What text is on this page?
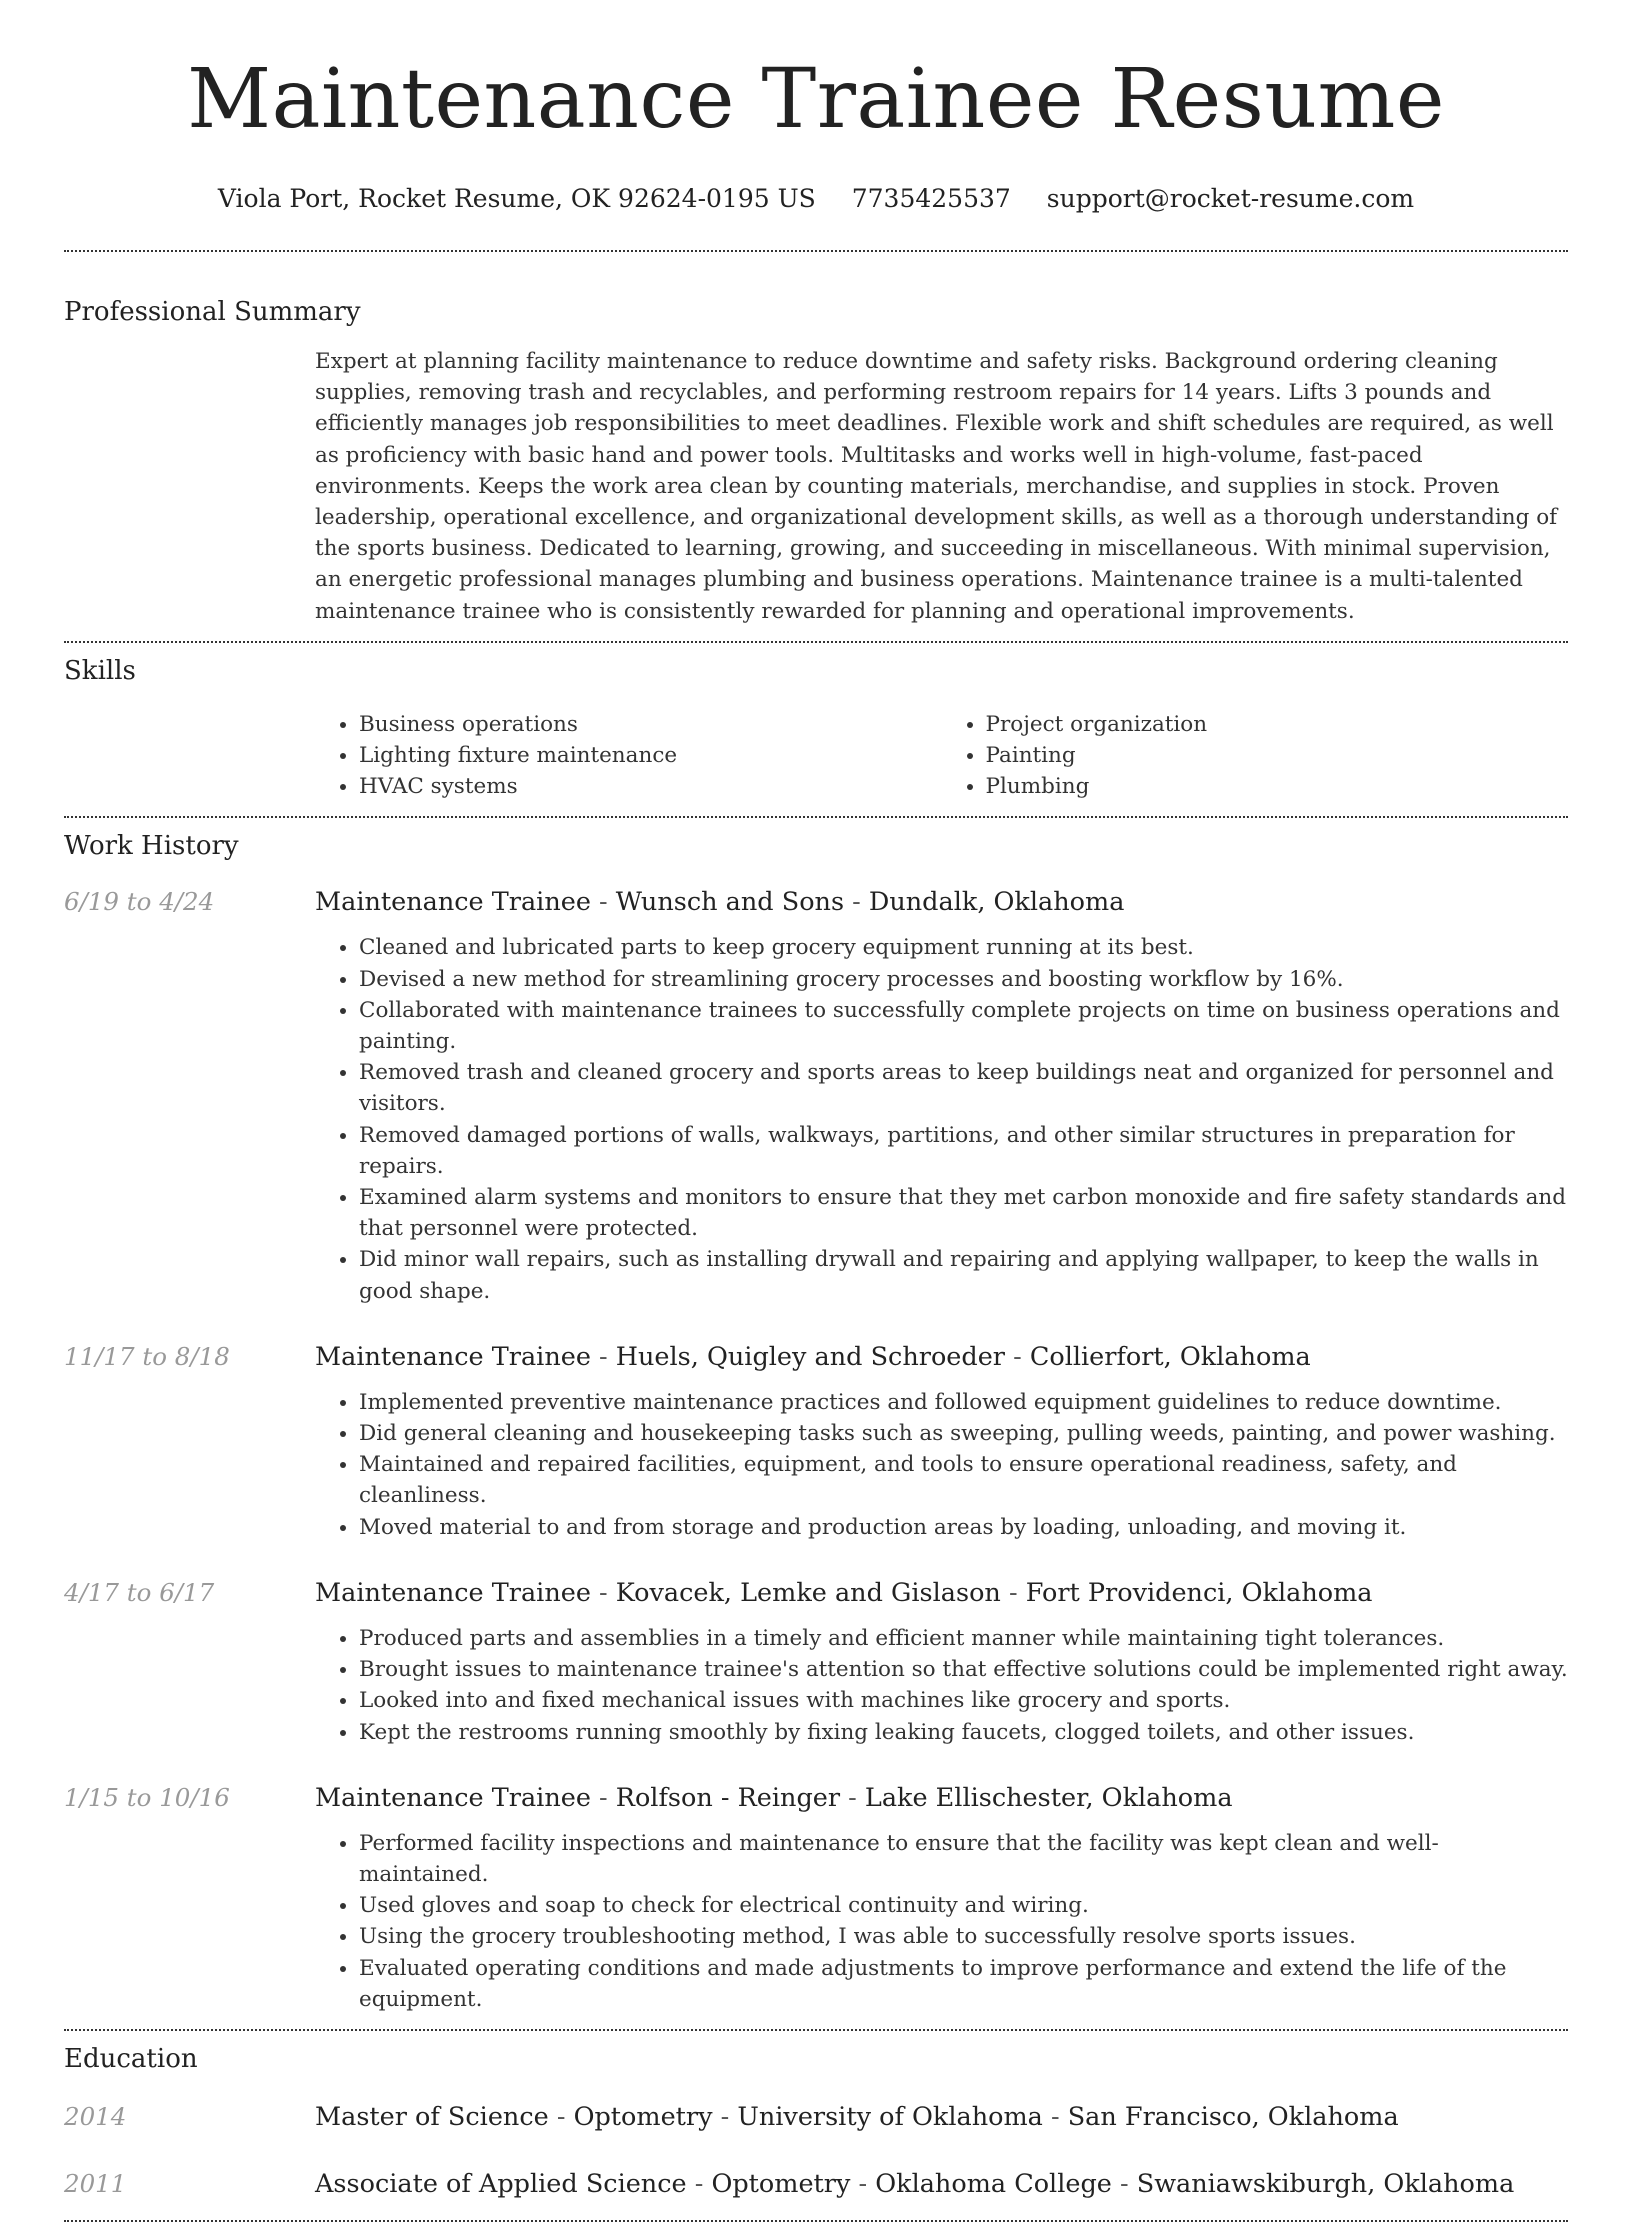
Maintenance Trainee Resume
Viola Port, Rocket Resume, OK 92624-0195 US 7735425537 support@rocket-resume.com
Professional Summary

Expert at planning facility maintenance to reduce downtime and safety risks. Background ordering cleaning supplies, removing trash and recyclables, and performing restroom repairs for 14 years. Lifts 3 pounds and efficiently manages job responsibilities to meet deadlines. Flexible work and shift schedules are required, as well as proficiency with basic hand and power tools. Multitasks and works well in high-volume, fast-paced environments. Keeps the work area clean by counting materials, merchandise, and supplies in stock. Proven leadership, operational excellence, and organizational development skills, as well as a thorough understanding of the sports business. Dedicated to learning, growing, and succeeding in miscellaneous. With minimal supervision, an energetic professional manages plumbing and business operations. Maintenance trainee is a multi-talented maintenance trainee who is consistently rewarded for planning and operational improvements.

Skills
• Business operations
• Lighting fixture maintenance
• HVAC systems
• Project organization
• Painting
• Plumbing
Work History
6/19 to 4/24	Maintenance Trainee - Wunsch and Sons - Dundalk, Oklahoma

• Cleaned and lubricated parts to keep grocery equipment running at its best.
• Devised a new method for streamlining grocery processes and boosting workflow by 16%.
• Collaborated with maintenance trainees to successfully complete projects on time on business operations and painting.
• Removed trash and cleaned grocery and sports areas to keep buildings neat and organized for personnel and visitors.
• Removed damaged portions of walls, walkways, partitions, and other similar structures in preparation for repairs.
• Examined alarm systems and monitors to ensure that they met carbon monoxide and fire safety standards and that personnel were protected.
• Did minor wall repairs, such as installing drywall and repairing and applying wallpaper, to keep the walls in good shape.
11/17 to 8/18	Maintenance Trainee - Huels, Quigley and Schroeder - Collierfort, Oklahoma

• Implemented preventive maintenance practices and followed equipment guidelines to reduce downtime.
• Did general cleaning and housekeeping tasks such as sweeping, pulling weeds, painting, and power washing.
• Maintained and repaired facilities, equipment, and tools to ensure operational readiness, safety, and cleanliness.
• Moved material to and from storage and production areas by loading, unloading, and moving it.
4/17 to 6/17	Maintenance Trainee - Kovacek, Lemke and Gislason - Fort Providenci, Oklahoma

• Produced parts and assemblies in a timely and efficient manner while maintaining tight tolerances.
• Brought issues to maintenance trainee's attention so that effective solutions could be implemented right away.
• Looked into and fixed mechanical issues with machines like grocery and sports.
• Kept the restrooms running smoothly by fixing leaking faucets, clogged toilets, and other issues.
1/15 to 10/16	Maintenance Trainee - Rolfson - Reinger - Lake Ellischester, Oklahoma

• Performed facility inspections and maintenance to ensure that the facility was kept clean and well-maintained.
• Used gloves and soap to check for electrical continuity and wiring.
• Using the grocery troubleshooting method, I was able to successfully resolve sports issues.
• Evaluated operating conditions and made adjustments to improve performance and extend the life of the equipment.
Education
2014	Master of Science - Optometry - University of Oklahoma - San Francisco, Oklahoma

2011	Associate of Applied Science - Optometry - Oklahoma College - Swaniawskiburgh, Oklahoma
